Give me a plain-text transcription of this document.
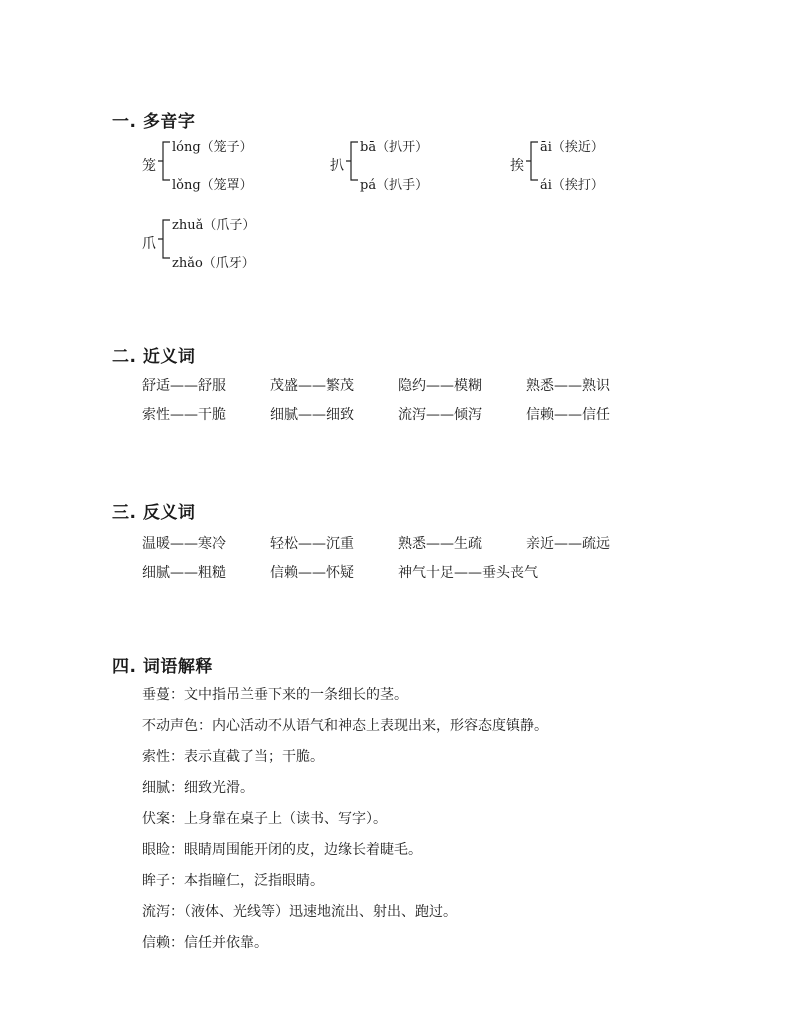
一. 多音字
笼
lóng（笼子）
lǒng（笼罩）
扒
bā（扒开）
pá（扒手）
挨
āi（挨近）
ái（挨打）
爪
zhuǎ（爪子）
zhǎo（爪牙）
二. 近义词
舒适——舒服	茂盛——繁茂	隐约——模糊	熟悉——熟识
索性——干脆	细腻——细致	流泻——倾泻	信赖——信任
三. 反义词
温暖——寒冷	轻松——沉重	熟悉——生疏	亲近——疏远
细腻——粗糙	信赖——怀疑	神气十足——垂头丧气
四. 词语解释
垂蔓：文中指吊兰垂下来的一条细长的茎。
不动声色：内心活动不从语气和神态上表现出来，形容态度镇静。
索性：表示直截了当；干脆。
细腻：细致光滑。
伏案：上身靠在桌子上（读书、写字）。
眼睑：眼睛周围能开闭的皮，边缘长着睫毛。
眸子：本指瞳仁，泛指眼睛。
流泻：（液体、光线等）迅速地流出、射出、跑过。
信赖：信任并依靠。
